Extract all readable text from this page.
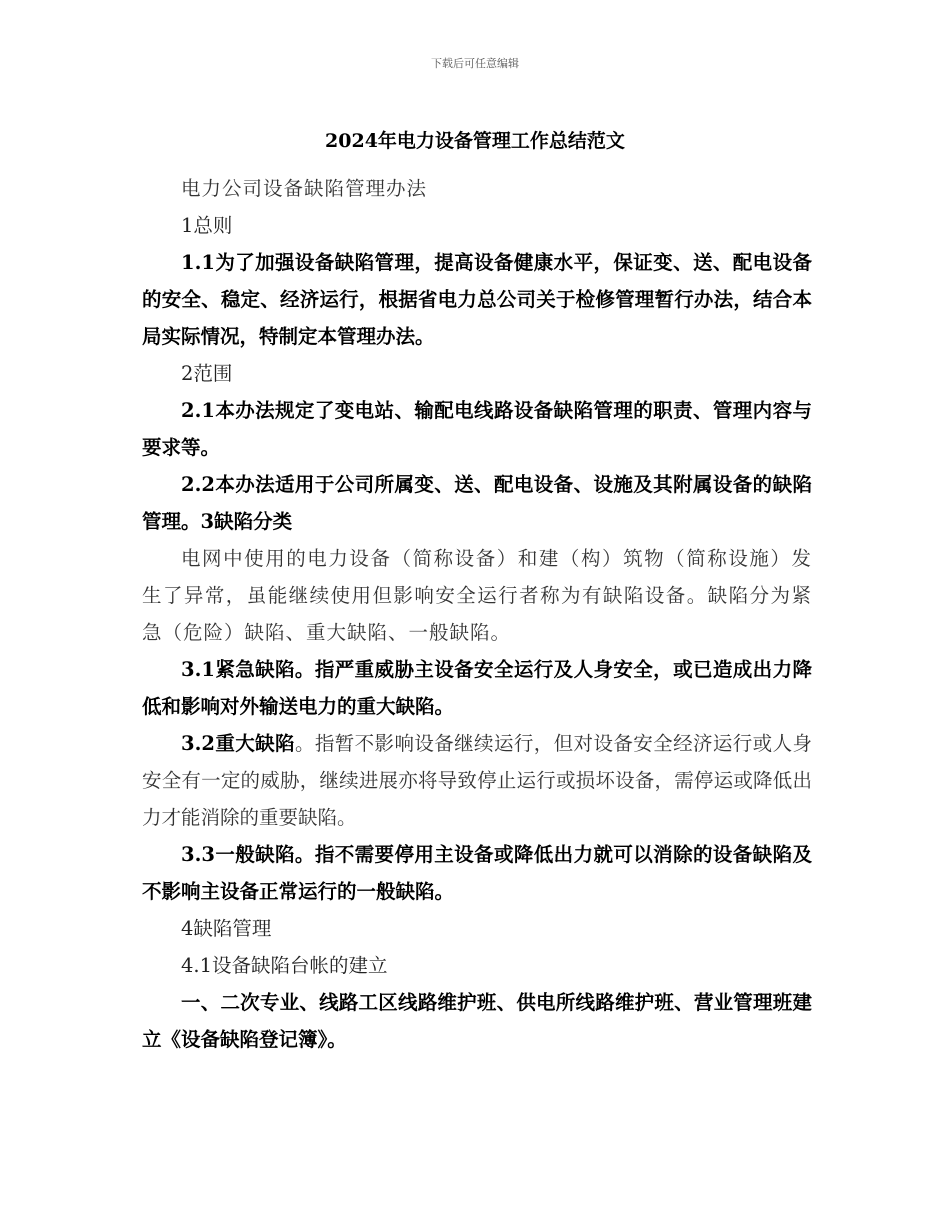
下载后可任意编辑
2024年电力设备管理工作总结范文

电力公司设备缺陷管理办法

1总则

1.1为了加强设备缺陷管理，提高设备健康水平，保证变、送、配电设备的安全、稳定、经济运行，根据省电力总公司关于检修管理暂行办法，结合本局实际情况，特制定本管理办法。

2范围

2.1本办法规定了变电站、输配电线路设备缺陷管理的职责、管理内容与要求等。

2.2本办法适用于公司所属变、送、配电设备、设施及其附属设备的缺陷管理。3缺陷分类

电网中使用的电力设备（简称设备）和建（构）筑物（简称设施）发生了异常，虽能继续使用但影响安全运行者称为有缺陷设备。缺陷分为紧急（危险）缺陷、重大缺陷、一般缺陷。

3.1紧急缺陷。指严重威胁主设备安全运行及人身安全，或已造成出力降低和影响对外输送电力的重大缺陷。

3.2重大缺陷。指暂不影响设备继续运行，但对设备安全经济运行或人身安全有一定的威胁，继续进展亦将导致停止运行或损坏设备，需停运或降低出力才能消除的重要缺陷。

3.3一般缺陷。指不需要停用主设备或降低出力就可以消除的设备缺陷及不影响主设备正常运行的一般缺陷。

4缺陷管理

4.1设备缺陷台帐的建立

一、二次专业、线路工区线路维护班、供电所线路维护班、营业管理班建立《设备缺陷登记簿》。
